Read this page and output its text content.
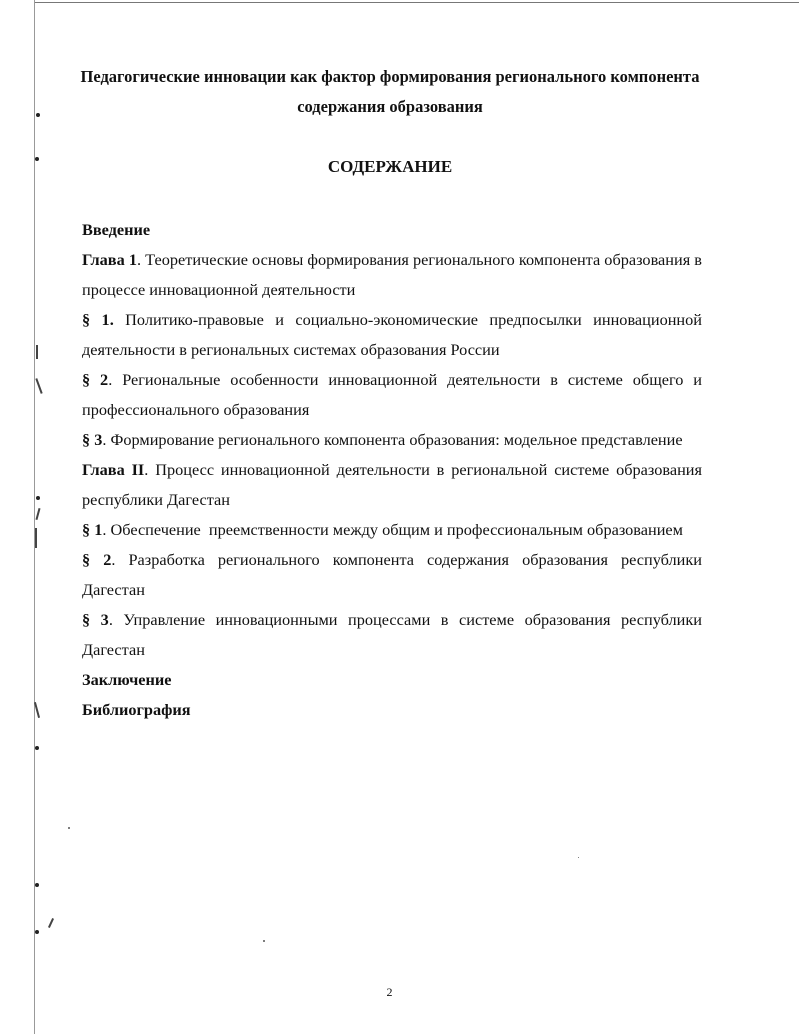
Педагогические инновации как фактор формирования регионального компонента содержания образования
СОДЕРЖАНИЕ
Введение
Глава 1. Теоретические основы формирования регионального компонента образования в процессе инновационной деятельности
§ 1. Политико-правовые и социально-экономические предпосылки инновационной деятельности в региональных системах образования России
§ 2. Региональные особенности инновационной деятельности в системе общего и профессионального образования
§ 3. Формирование регионального компонента образования: модельное представление
Глава II. Процесс инновационной деятельности в региональной системе образования республики Дагестан
§ 1. Обеспечение  преемственности между общим и профессиональным образованием
§ 2. Разработка регионального компонента содержания образования республики Дагестан
§ 3. Управление инновационными процессами в системе образования республики Дагестан
Заключение
Библиография
2
